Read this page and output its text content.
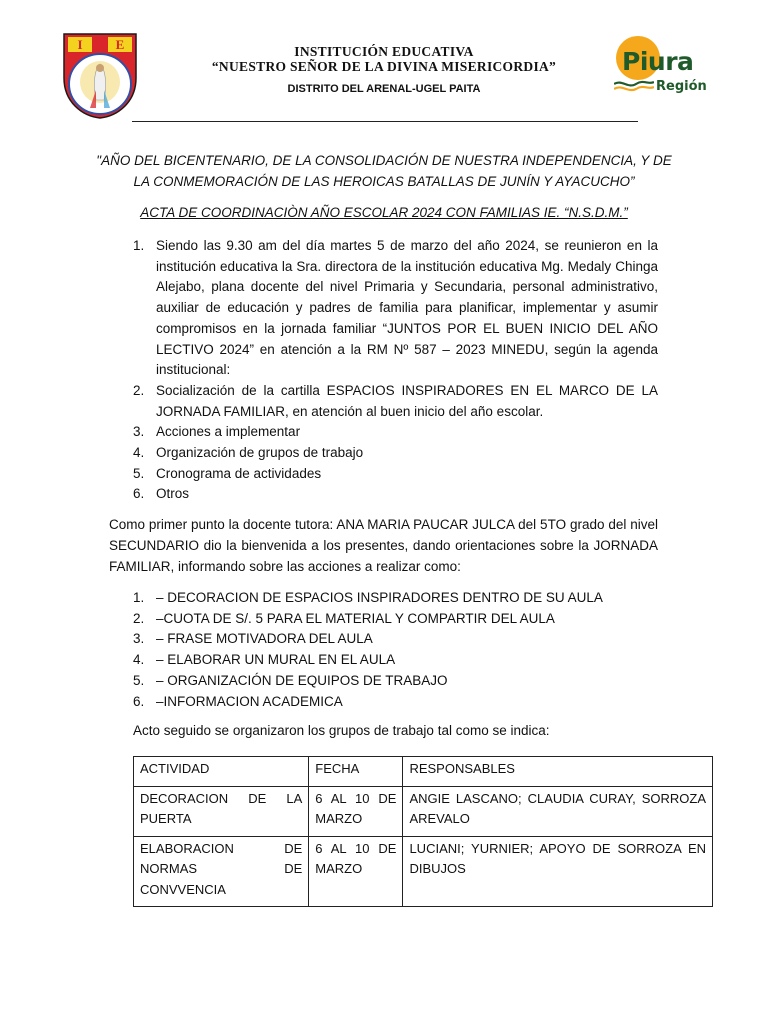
I	E	INSTITUCIÓN EDUCATIVA
“NUESTRO SEÑOR DE LA DIVINA MISERICORDIA”
DISTRITO DEL ARENAL-UGEL PAITA
Piura
Región
"AÑO DEL BICENTENARIO, DE LA CONSOLIDACIÓN DE NUESTRA INDEPENDENCIA, Y DE LA CONMEMORACIÓN DE LAS HEROICAS BATALLAS DE JUNÍN Y AYACUCHO”
ACTA DE COORDINACIÒN AÑO ESCOLAR 2024 CON FAMILIAS IE. “N.S.D.M.”
1. Siendo las 9.30 am del día martes 5 de marzo del año 2024, se reunieron en la institución educativa la Sra. directora de la institución educativa Mg. Medaly Chinga Alejabo, plana docente del nivel Primaria y Secundaria, personal administrativo, auxiliar de educación y padres de familia para planificar, implementar y asumir compromisos en la jornada familiar “JUNTOS POR EL BUEN INICIO DEL AÑO LECTIVO 2024” en atención a la RM Nº 587 – 2023 MINEDU, según la agenda institucional:
2. Socialización de la cartilla ESPACIOS INSPIRADORES EN EL MARCO DE LA JORNADA FAMILIAR, en atención al buen inicio del año escolar.
3. Acciones a implementar
4. Organización de grupos de trabajo
5. Cronograma de actividades
6. Otros
Como primer punto la docente tutora: ANA MARIA PAUCAR JULCA del 5TO grado del nivel SECUNDARIO dio la bienvenida a los presentes, dando orientaciones sobre la JORNADA FAMILIAR, informando sobre las acciones a realizar como:
1. – DECORACION DE ESPACIOS INSPIRADORES DENTRO DE SU AULA
2. –CUOTA DE S/. 5 PARA EL MATERIAL Y COMPARTIR DEL AULA
3. – FRASE MOTIVADORA DEL AULA
4. – ELABORAR UN MURAL EN EL AULA
5. – ORGANIZACIÓN DE EQUIPOS DE TRABAJO
6. –INFORMACION ACADEMICA
Acto seguido se organizaron los grupos de trabajo tal como se indica:
ACTIVIDAD	FECHA	RESPONSABLES
DECORACION DE LA PUERTA	6 AL 10 DE MARZO	ANGIE LASCANO; CLAUDIA CURAY, SORROZA AREVALO
ELABORACION DE NORMAS DE CONVVENCIA	6 AL 10 DE MARZO	LUCIANI; YURNIER; APOYO DE SORROZA EN DIBUJOS
